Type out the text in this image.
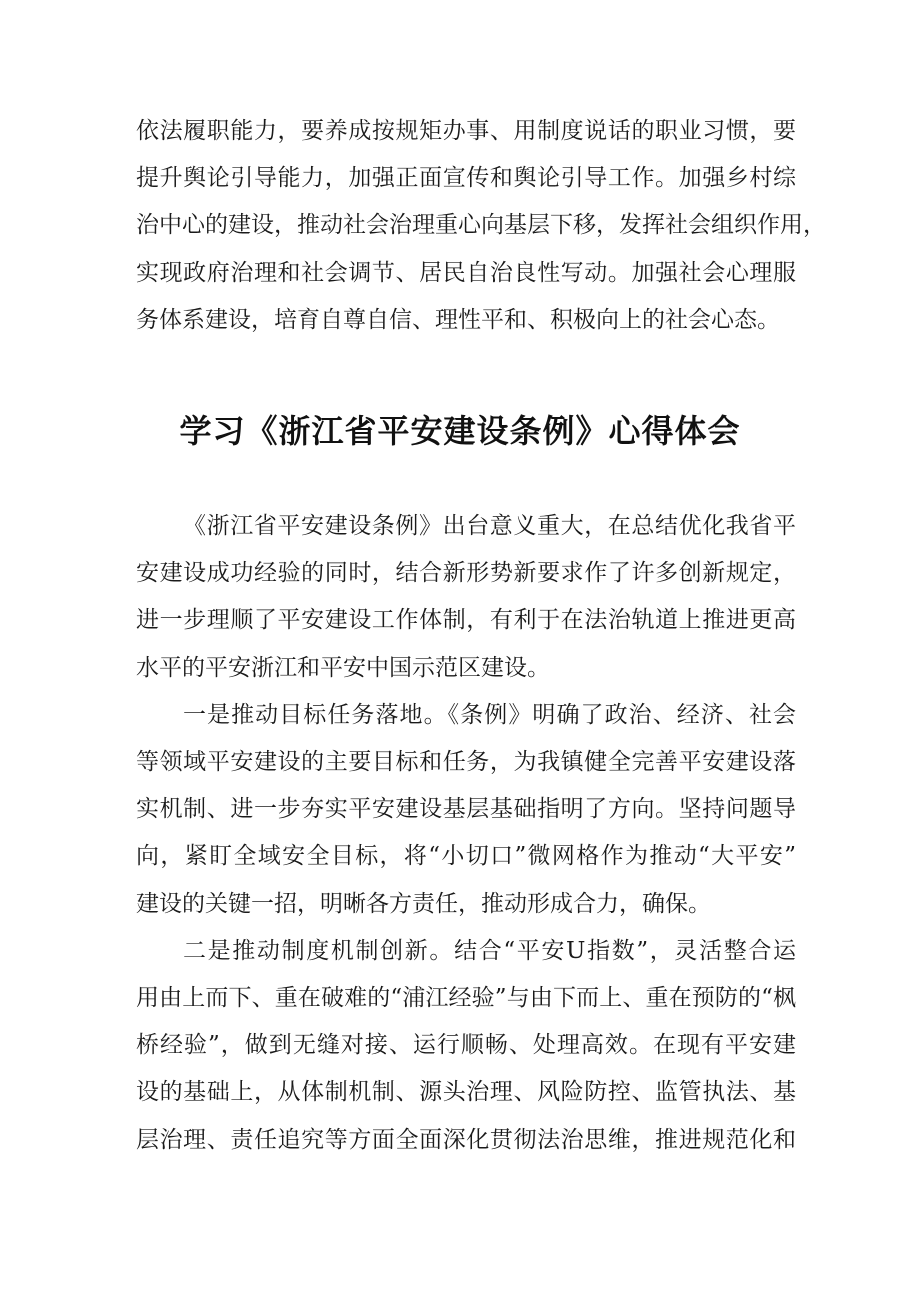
依法履职能力，要养成按规矩办事、用制度说话的职业习惯，要
提升舆论引导能力，加强正面宣传和舆论引导工作。加强乡村综
治中心的建设，推动社会治理重心向基层下移，发挥社会组织作用，
实现政府治理和社会调节、居民自治良性写动。加强社会心理服
务体系建设，培育自尊自信、理性平和、积极向上的社会心态。
学习《浙江省平安建设条例》心得体会
《浙江省平安建设条例》出台意义重大，在总结优化我省平
安建设成功经验的同时，结合新形势新要求作了许多创新规定，
进一步理顺了平安建设工作体制，有利于在法治轨道上推进更高
水平的平安浙江和平安中国示范区建设。
一是推动目标任务落地。《条例》明确了政治、经济、社会
等领域平安建设的主要目标和任务，为我镇健全完善平安建设落
实机制、进一步夯实平安建设基层基础指明了方向。坚持问题导
向，紧盯全域安全目标，将“小切口”微网格作为推动“大平安”
建设的关键一招，明晰各方责任，推动形成合力，确保。
二是推动制度机制创新。结合“平安U指数”，灵活整合运
用由上而下、重在破难的“浦江经验”与由下而上、重在预防的“枫
桥经验”，做到无缝对接、运行顺畅、处理高效。在现有平安建
设的基础上，从体制机制、源头治理、风险防控、监管执法、基
层治理、责任追究等方面全面深化贯彻法治思维，推进规范化和
